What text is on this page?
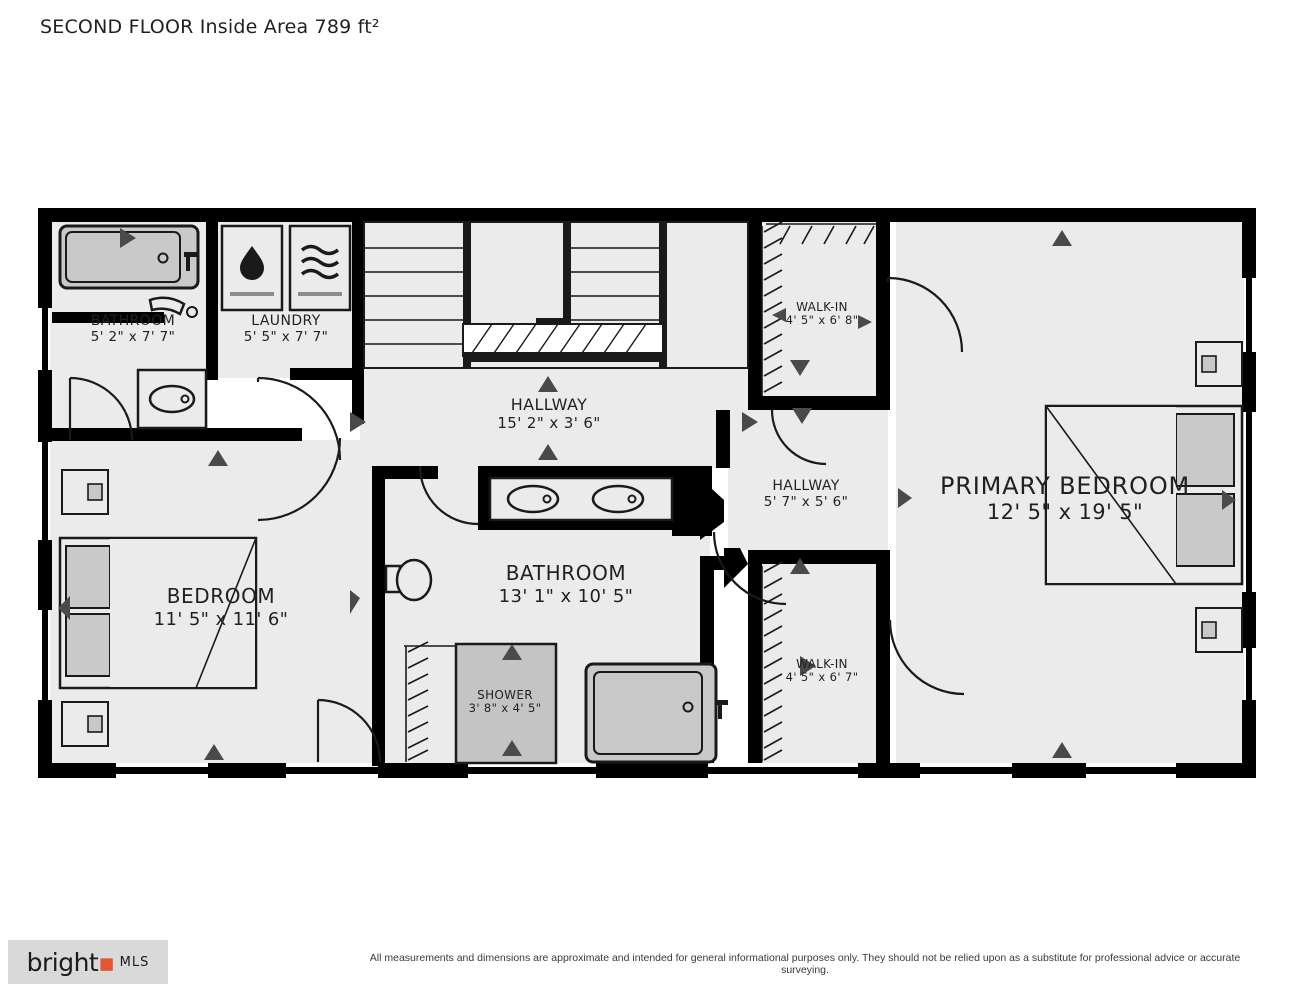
SECOND FLOOR Inside Area 789 ft²
BATHROOM
5' 2" x 7' 7"
LAUNDRY
5' 5" x 7' 7"
HALLWAY
15' 2" x 3' 6"
WALK-IN
4' 5" x 6' 8"
PRIMARY BEDROOM
12' 5" x 19' 5"
HALLWAY
5' 7" x 5' 6"
BEDROOM
11' 5" x 11' 6"
BATHROOM
13' 1" x 10' 5"
SHOWER
3' 8" x 4' 5"
WALK-IN
4' 5" x 6' 7"
All measurements and dimensions are approximate and intended for general informational purposes only. They should not be relied upon as a substitute for professional advice or accurate surveying.
bright▪ MLS
